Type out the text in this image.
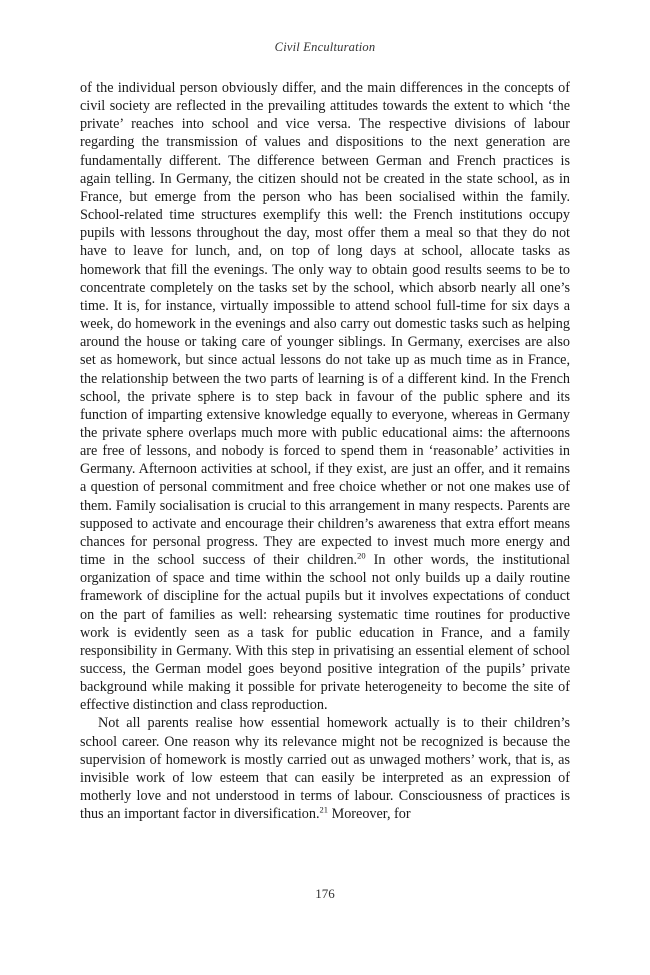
Civil Enculturation

of the individual person obviously differ, and the main differences in the concepts of civil society are reflected in the prevailing attitudes towards the extent to which ‘the private’ reaches into school and vice versa. The respective divisions of labour regarding the transmission of values and dispositions to the next generation are fundamentally different. The difference between German and French practices is again telling. In Germany, the citizen should not be created in the state school, as in France, but emerge from the person who has been socialised within the family. School-related time structures exemplify this well: the French institutions occupy pupils with lessons throughout the day, most offer them a meal so that they do not have to leave for lunch, and, on top of long days at school, allocate tasks as homework that fill the evenings. The only way to obtain good results seems to be to concentrate completely on the tasks set by the school, which absorb nearly all one’s time. It is, for instance, virtually impossible to attend school full-time for six days a week, do homework in the evenings and also carry out domestic tasks such as helping around the house or taking care of younger siblings. In Germany, exercises are also set as homework, but since actual lessons do not take up as much time as in France, the relationship between the two parts of learning is of a different kind. In the French school, the private sphere is to step back in favour of the public sphere and its function of imparting extensive knowledge equally to everyone, whereas in Germany the private sphere overlaps much more with public educational aims: the afternoons are free of lessons, and nobody is forced to spend them in ‘reasonable’ activities in Germany. Afternoon activities at school, if they exist, are just an offer, and it remains a question of personal commitment and free choice whether or not one makes use of them. Family socialisation is crucial to this arrangement in many respects. Parents are supposed to activate and encourage their children’s awareness that extra effort means chances for personal progress. They are expected to invest much more energy and time in the school success of their children.$^{20}$ In other words, the institutional organization of space and time within the school not only builds up a daily routine framework of discipline for the actual pupils but it involves expectations of conduct on the part of families as well: rehearsing systematic time routines for productive work is evidently seen as a task for public education in France, and a family responsibility in Germany. With this step in privatising an essential element of school success, the German model goes beyond positive integration of the pupils’ private background while making it possible for private heterogeneity to become the site of effective distinction and class reproduction.

Not all parents realise how essential homework actually is to their children’s school career. One reason why its relevance might not be recognized is because the supervision of homework is mostly carried out as unwaged mothers’ work, that is, as invisible work of low esteem that can easily be interpreted as an expression of motherly love and not understood in terms of labour. Consciousness of practices is thus an important factor in diversification.$^{21}$ Moreover, for

176
